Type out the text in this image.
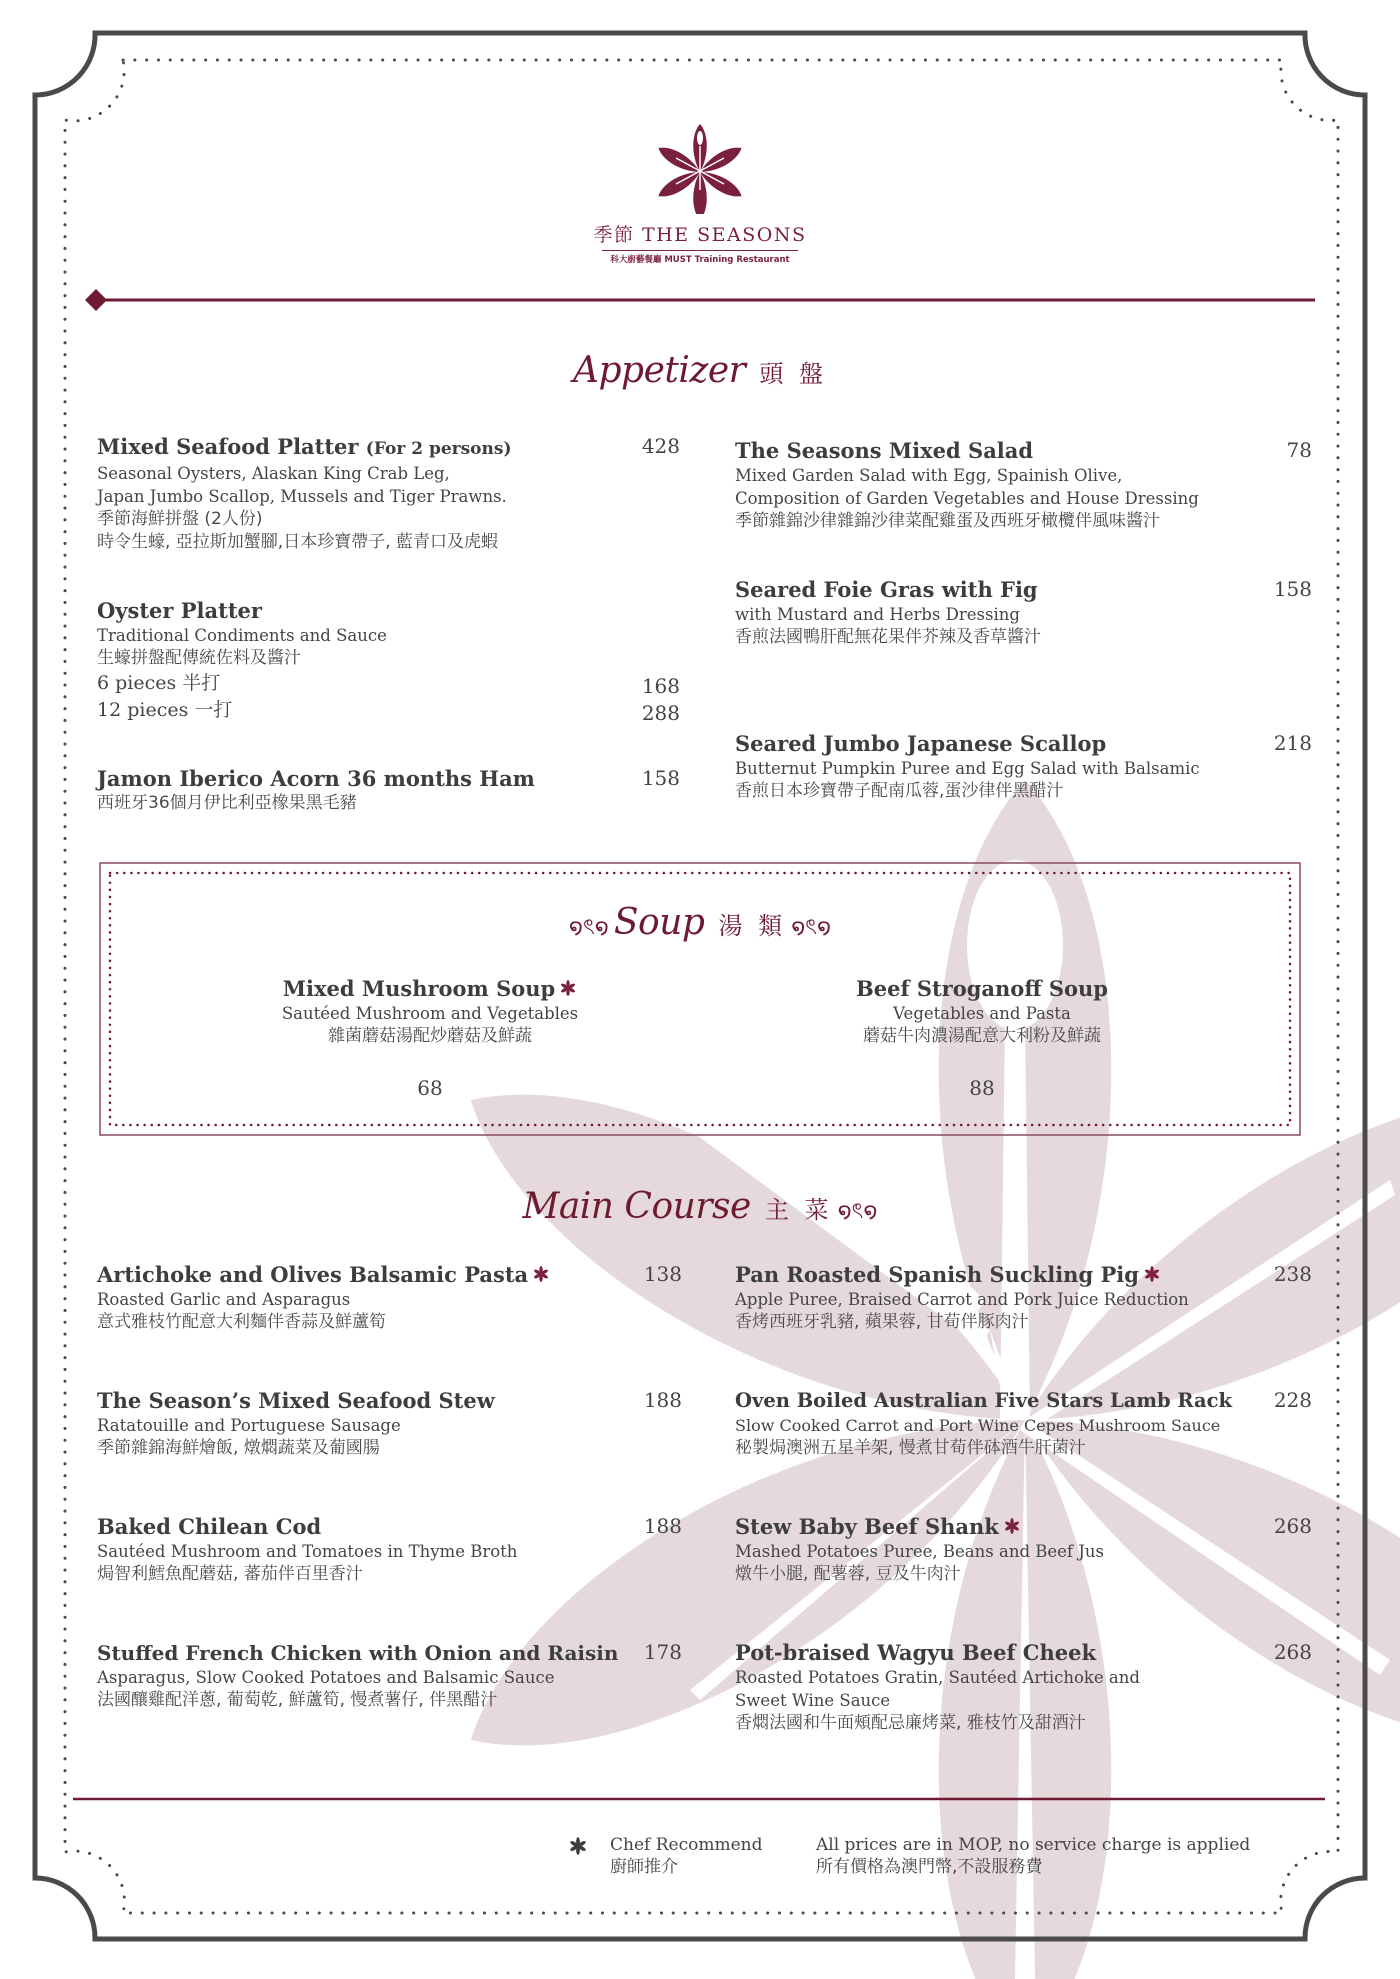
季節 THE SEASONS
科大廚藝餐廳 MUST Training Restaurant
Appetizer 頭 盤
Mixed Seafood Platter (For 2 persons)
Seasonal Oysters, Alaskan King Crab Leg,
Japan Jumbo Scallop, Mussels and Tiger Prawns.
季節海鮮拼盤 (2人份)
時令生蠔, 亞拉斯加蟹腳,日本珍寶帶子, 藍青口及虎蝦
428
Oyster Platter
Traditional Condiments and Sauce
生蠔拼盤配傳統佐料及醬汁
6 pieces 半打
12 pieces 一打
168
288
Jamon Iberico Acorn 36 months Ham
西班牙36個月伊比利亞橡果黑毛豬
158
The Seasons Mixed Salad
Mixed Garden Salad with Egg, Spainish Olive,
Composition of Garden Vegetables and House Dressing
季節雜錦沙律雜錦沙律菜配雞蛋及西班牙橄欖伴風味醬汁
78
Seared Foie Gras with Fig
with Mustard and Herbs Dressing
香煎法國鴨肝配無花果伴芥辣及香草醬汁
158
Seared Jumbo Japanese Scallop
Butternut Pumpkin Puree and Egg Salad with Balsamic
香煎日本珍寶帶子配南瓜蓉,蛋沙律伴黑醋汁
218
໑ৎ໑ Soup 湯 類 ໑ৎ໑
Mixed Mushroom Soup
Sautéed Mushroom and Vegetables
雜菌蘑菇湯配炒蘑菇及鮮蔬
68
Beef Stroganoff Soup
Vegetables and Pasta
蘑菇牛肉濃湯配意大利粉及鮮蔬
88
Main Course 主 菜 ໑ৎ໑
Artichoke and Olives Balsamic Pasta
Roasted Garlic and Asparagus
意式雅枝竹配意大利麵伴香蒜及鮮蘆筍
138
The Season’s Mixed Seafood Stew
Ratatouille and Portuguese Sausage
季節雜錦海鮮燴飯, 燉燜蔬菜及葡國腸
188
Baked Chilean Cod
Sautéed Mushroom and Tomatoes in Thyme Broth
焗智利鱈魚配蘑菇, 蕃茄伴百里香汁
188
Stuffed French Chicken with Onion and Raisin
Asparagus, Slow Cooked Potatoes and Balsamic Sauce
法國釀雞配洋蔥, 葡萄乾, 鮮蘆筍, 慢煮薯仔, 伴黑醋汁
178
Pan Roasted Spanish Suckling Pig
Apple Puree, Braised Carrot and Pork Juice Reduction
香烤西班牙乳豬, 蘋果蓉, 甘荀伴豚肉汁
238
Oven Boiled Australian Five Stars Lamb Rack
Slow Cooked Carrot and Port Wine Cepes Mushroom Sauce
秘製焗澳洲五星羊架, 慢煮甘荀伴砵酒牛肝菌汁
228
Stew Baby Beef Shank
Mashed Potatoes Puree, Beans and Beef Jus
燉牛小腿, 配薯蓉, 豆及牛肉汁
268
Pot-braised Wagyu Beef Cheek
Roasted Potatoes Gratin, Sautéed Artichoke and
Sweet Wine Sauce
香燜法國和牛面頰配忌廉烤菜, 雅枝竹及甜酒汁
268
Chef Recommend
廚師推介
All prices are in MOP, no service charge is applied
所有價格為澳門幣,不設服務費
